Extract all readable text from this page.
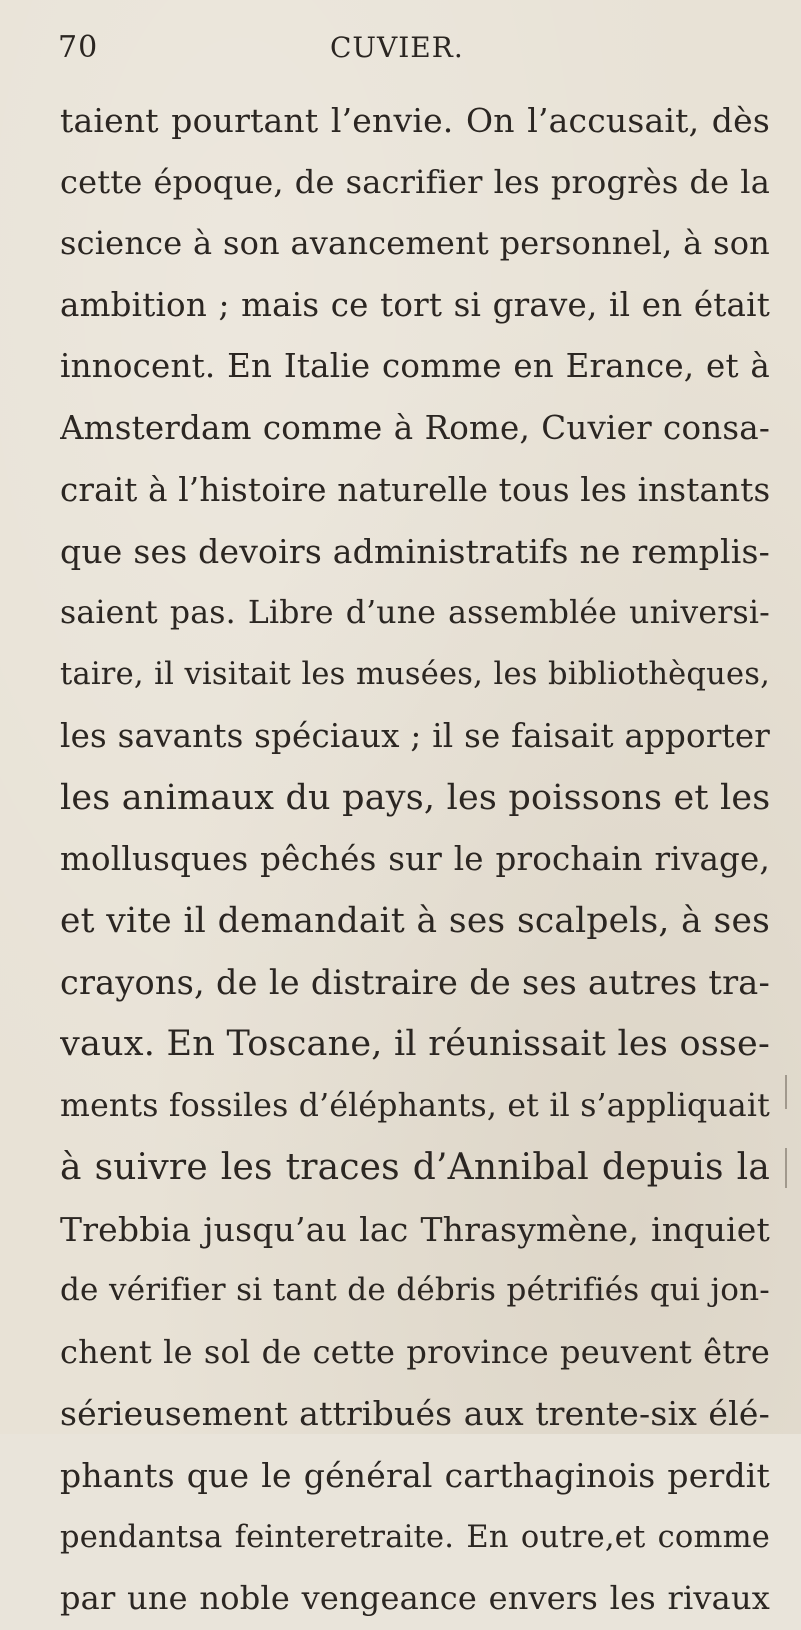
70	CUVIER.
taient pourtant l’envie. On l’accusait, dès
cette époque, de sacrifier les progrès de la
science à son avancement personnel, à son
ambition ; mais ce tort si grave, il en était
innocent. En Italie comme en Erance, et à
Amsterdam comme à Rome, Cuvier consa-
crait à l’histoire naturelle tous les instants
que ses devoirs administratifs ne remplis-
saient pas. Libre d’une assemblée universi-
taire, il visitait les musées, les bibliothèques,
les savants spéciaux ; il se faisait apporter
les animaux du pays, les poissons et les
mollusques pêchés sur le prochain rivage,
et vite il demandait à ses scalpels, à ses
crayons, de le distraire de ses autres tra-
vaux. En Toscane, il réunissait les osse-
ments fossiles d’éléphants, et il s’appliquait
à suivre les traces d’Annibal depuis la
Trebbia jusqu’au lac Thrasymène, inquiet
de vérifier si tant de débris pétrifiés qui jon-
chent le sol de cette province peuvent être
sérieusement attribués aux trente-six élé-
phants que le général carthaginois perdit
pendantsa feinteretraite. En outre,et comme
par une noble vengeance envers les rivaux
